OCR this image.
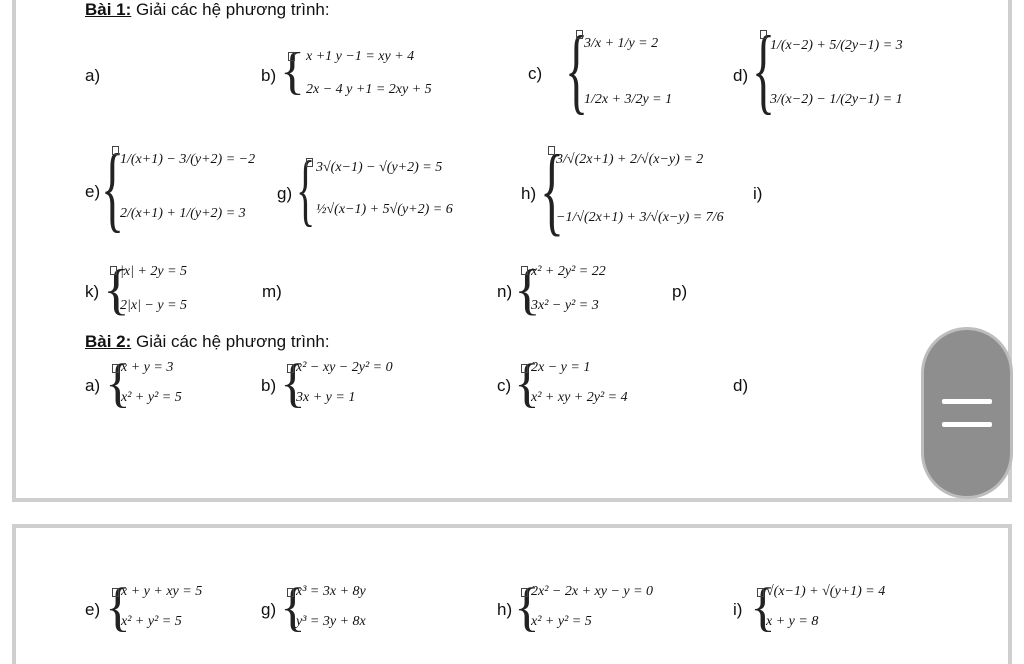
Bài 1: Giải các hệ phương trình:
a)	b) { x +1 y −1 = xy + 4
2x − 4 y +1 = 2xy + 5
c) {
3/x + 1/y = 2
1/2x + 3/2y = 1
d) {
1/(x−2) + 5/(2y−1) = 3
3/(x−2) − 1/(2y−1) = 1
e) {
1/(x+1) − 3/(y+2) = −2
2/(x+1) + 1/(y+2) = 3
g) { 3√(x−1) − √(y+2) = 5
½√(x−1) + 5√(y+2) = 6
h) {
3/√(2x+1) + 2/√(x−y) = 2
−1/√(2x+1) + 3/√(x−y) = 7/6
i)
k) {
|x| + 2y = 5
2|x| − y = 5
m)	n) {
x² + 2y² = 22
3x² − y² = 3
p)
Bài 2: Giải các hệ phương trình:
a) {
x + y = 3
x² + y² = 5
b) {
x² − xy − 2y² = 0
3x + y = 1
c) {
2x − y = 1
x² + xy + 2y² = 4
d)
e) {
x + y + xy = 5
x² + y² = 5
g) {
x³ = 3x + 8y
y³ = 3y + 8x
h) {
2x² − 2x + xy − y = 0
x² + y² = 5
i) {
√(x−1) + √(y+1) = 4
x + y = 8
